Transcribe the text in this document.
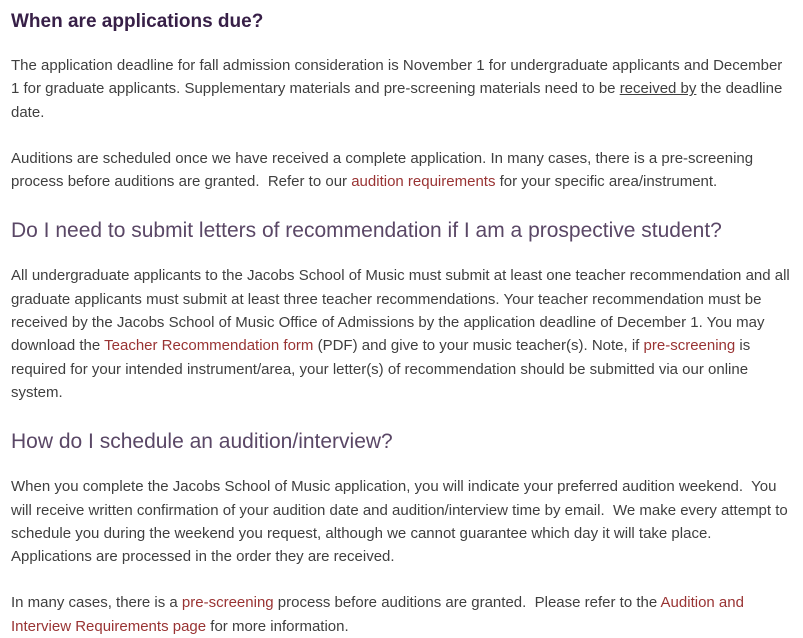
When are applications due?

The application deadline for fall admission consideration is November 1 for undergraduate applicants and December 1 for graduate applicants. Supplementary materials and pre-screening materials need to be received by the deadline date.

Auditions are scheduled once we have received a complete application. In many cases, there is a pre-screening process before auditions are granted.  Refer to our audition requirements for your specific area/instrument.

Do I need to submit letters of recommendation if I am a prospective student?

All undergraduate applicants to the Jacobs School of Music must submit at least one teacher recommendation and all graduate applicants must submit at least three teacher recommendations. Your teacher recommendation must be received by the Jacobs School of Music Office of Admissions by the application deadline of December 1. You may download the Teacher Recommendation form (PDF) and give to your music teacher(s). Note, if pre-screening is required for your intended instrument/area, your letter(s) of recommendation should be submitted via our online system.

How do I schedule an audition/interview?

When you complete the Jacobs School of Music application, you will indicate your preferred audition weekend.  You will receive written confirmation of your audition date and audition/interview time by email.  We make every attempt to schedule you during the weekend you request, although we cannot guarantee which day it will take place.  Applications are processed in the order they are received.

In many cases, there is a pre-screening process before auditions are granted.  Please refer to the Audition and Interview Requirements page for more information.
